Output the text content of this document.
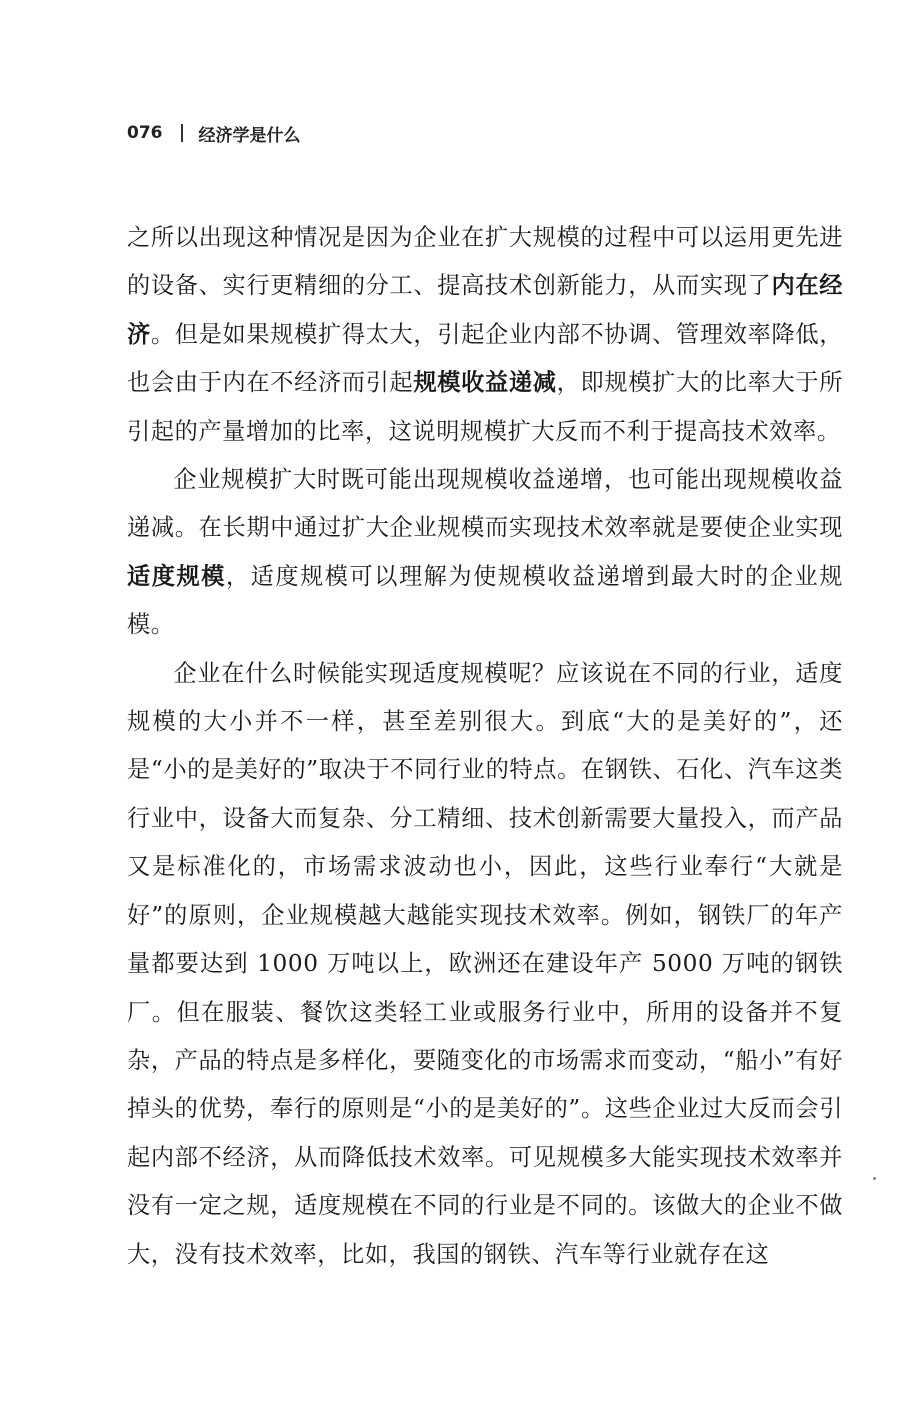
076 经济学是什么

之所以出现这种情况是因为企业在扩大规模的过程中可以运用更先进的设备、实行更精细的分工、提高技术创新能力，从而实现了内在经济。但是如果规模扩得太大，引起企业内部不协调、管理效率降低，也会由于内在不经济而引起规模收益递减，即规模扩大的比率大于所引起的产量增加的比率，这说明规模扩大反而不利于提高技术效率。

企业规模扩大时既可能出现规模收益递增，也可能出现规模收益递减。在长期中通过扩大企业规模而实现技术效率就是要使企业实现适度规模，适度规模可以理解为使规模收益递增到最大时的企业规模。

企业在什么时候能实现适度规模呢？应该说在不同的行业，适度规模的大小并不一样，甚至差别很大。到底“大的是美好的”，还是“小的是美好的”取决于不同行业的特点。在钢铁、石化、汽车这类行业中，设备大而复杂、分工精细、技术创新需要大量投入，而产品又是标准化的，市场需求波动也小，因此，这些行业奉行“大就是好”的原则，企业规模越大越能实现技术效率。例如，钢铁厂的年产量都要达到 1000 万吨以上，欧洲还在建设年产 5000 万吨的钢铁厂。但在服装、餐饮这类轻工业或服务行业中，所用的设备并不复杂，产品的特点是多样化，要随变化的市场需求而变动，“船小”有好掉头的优势，奉行的原则是“小的是美好的”。这些企业过大反而会引起内部不经济，从而降低技术效率。可见规模多大能实现技术效率并没有一定之规，适度规模在不同的行业是不同的。该做大的企业不做大，没有技术效率，比如，我国的钢铁、汽车等行业就存在这
